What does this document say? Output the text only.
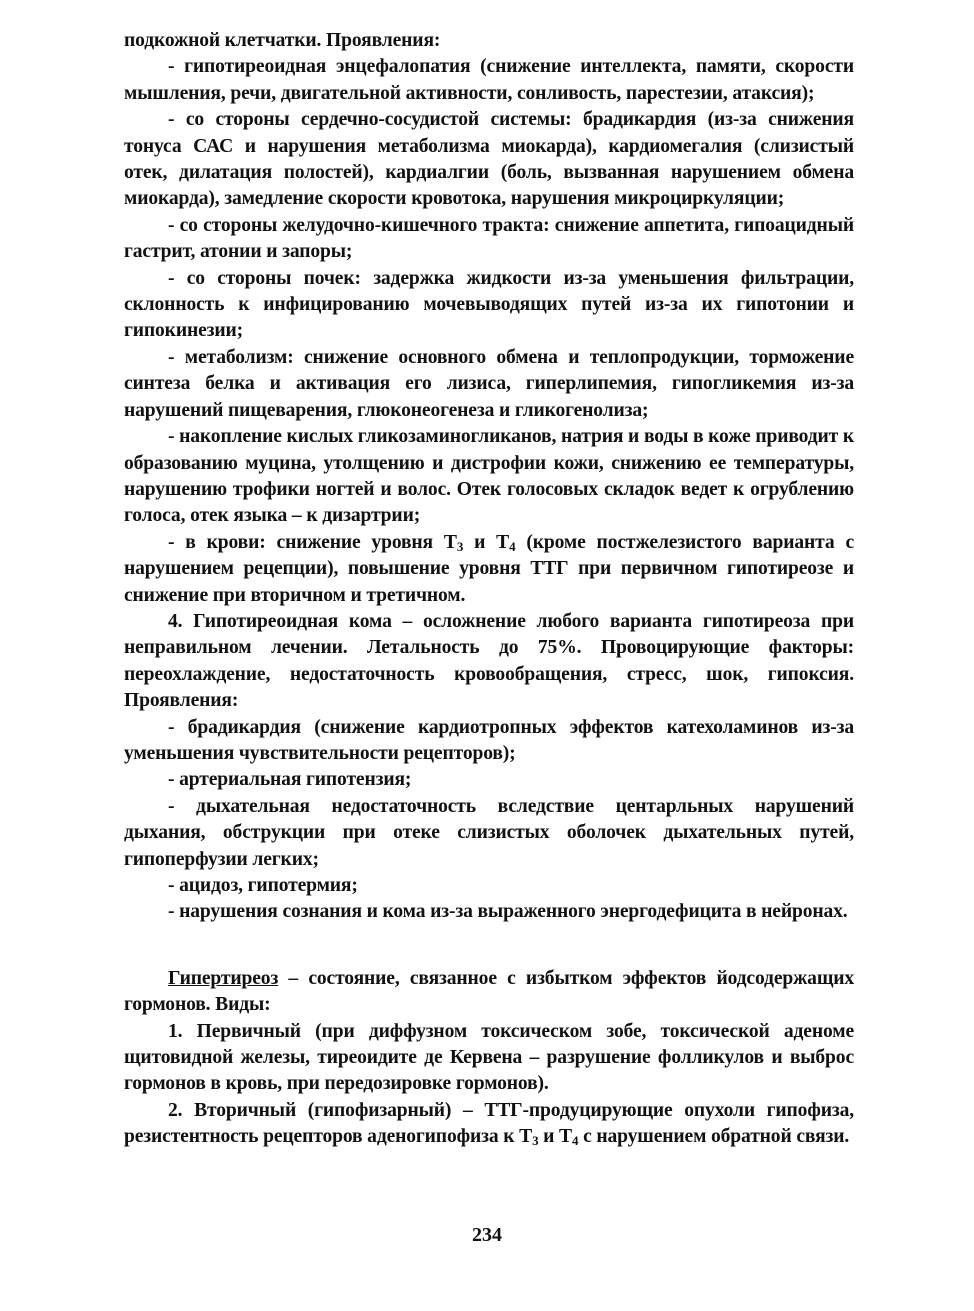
подкожной клетчатки. Проявления:

- гипотиреоидная энцефалопатия (снижение интеллекта, памяти, скорости мышления, речи, двигательной активности, сонливость, парестезии, атаксия);

- со стороны сердечно-сосудистой системы: брадикардия (из-за снижения тонуса САС и нарушения метаболизма миокарда), кардиомегалия (слизистый отек, дилатация полостей), кардиалгии (боль, вызванная нарушением обмена миокарда), замедление скорости кровотока, нарушения микроциркуляции;

- со стороны желудочно-кишечного тракта: снижение аппетита, гипоацидный гастрит, атонии и запоры;

- со стороны почек: задержка жидкости из-за уменьшения фильтрации, склонность к инфицированию мочевыводящих путей из-за их гипотонии и гипокинезии;

- метаболизм: снижение основного обмена и теплопродукции, торможение синтеза белка и активация его лизиса, гиперлипемия, гипогликемия из-за нарушений пищеварения, глюконеогенеза и гликогенолиза;

- накопление кислых гликозаминогликанов, натрия и воды в коже приводит к образованию муцина, утолщению и дистрофии кожи, снижению ее температуры, нарушению трофики ногтей и волос. Отек голосовых складок ведет к огрублению голоса, отек языка – к дизартрии;

- в крови: снижение уровня $Т_3$ и $Т_4$ (кроме постжелезистого варианта с нарушением рецепции), повышение уровня ТТГ при первичном гипотиреозе и снижение при вторичном и третичном.

4. Гипотиреоидная кома – осложнение любого варианта гипотиреоза при неправильном лечении. Летальность до 75%. Провоцирующие факторы: переохлаждение, недостаточность кровообращения, стресс, шок, гипоксия. Проявления:

- брадикардия (снижение кардиотропных эффектов катехоламинов из-за уменьшения чувствительности рецепторов);

- артериальная гипотензия;

- дыхательная недостаточность вследствие центарльных нарушений дыхания, обструкции при отеке слизистых оболочек дыхательных путей, гипоперфузии легких;

- ацидоз, гипотермия;

- нарушения сознания и кома из-за выраженного энергодефицита в нейронах.

Гипертиреоз – состояние, связанное с избытком эффектов йодсодержащих гормонов. Виды:

1. Первичный (при диффузном токсическом зобе, токсической аденоме щитовидной железы, тиреоидите де Кервена – разрушение фолликулов и выброс гормонов в кровь, при передозировке гормонов).

2. Вторичный (гипофизарный) – ТТГ-продуцирующие опухоли гипофиза, резистентность рецепторов аденогипофиза к $Т_3$ и $Т_4$ с нарушением обратной связи.

234
